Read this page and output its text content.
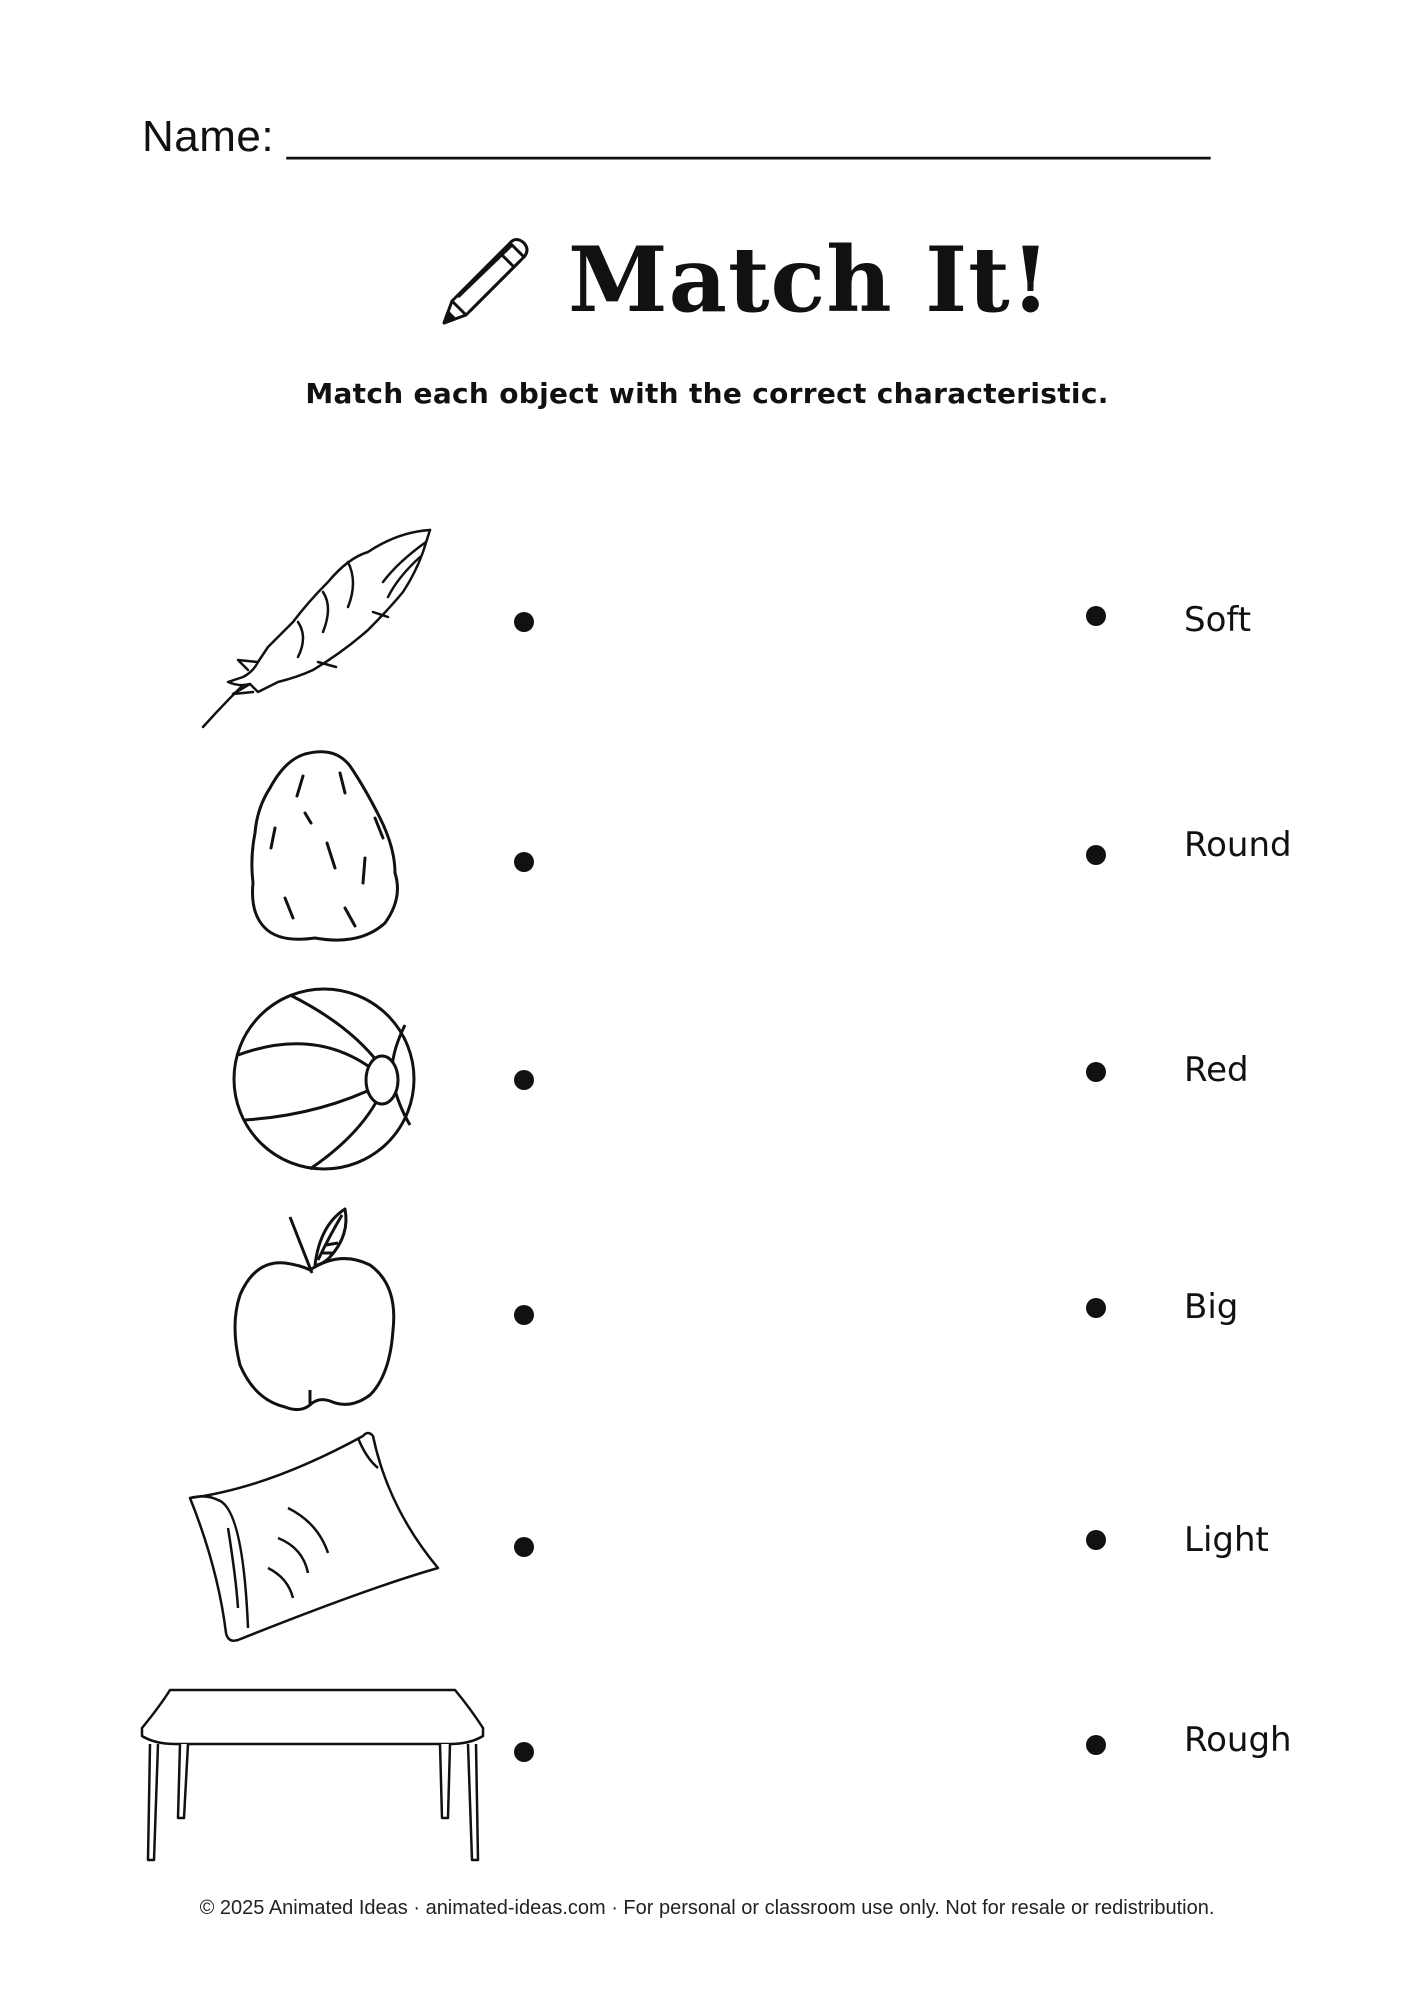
Name: _____________________________________
Match It!
Match each object with the correct characteristic.
Soft
Round
Red
Big
Light
Rough
© 2025 Animated Ideas · animated-ideas.com · For personal or classroom use only. Not for resale or redistribution.
